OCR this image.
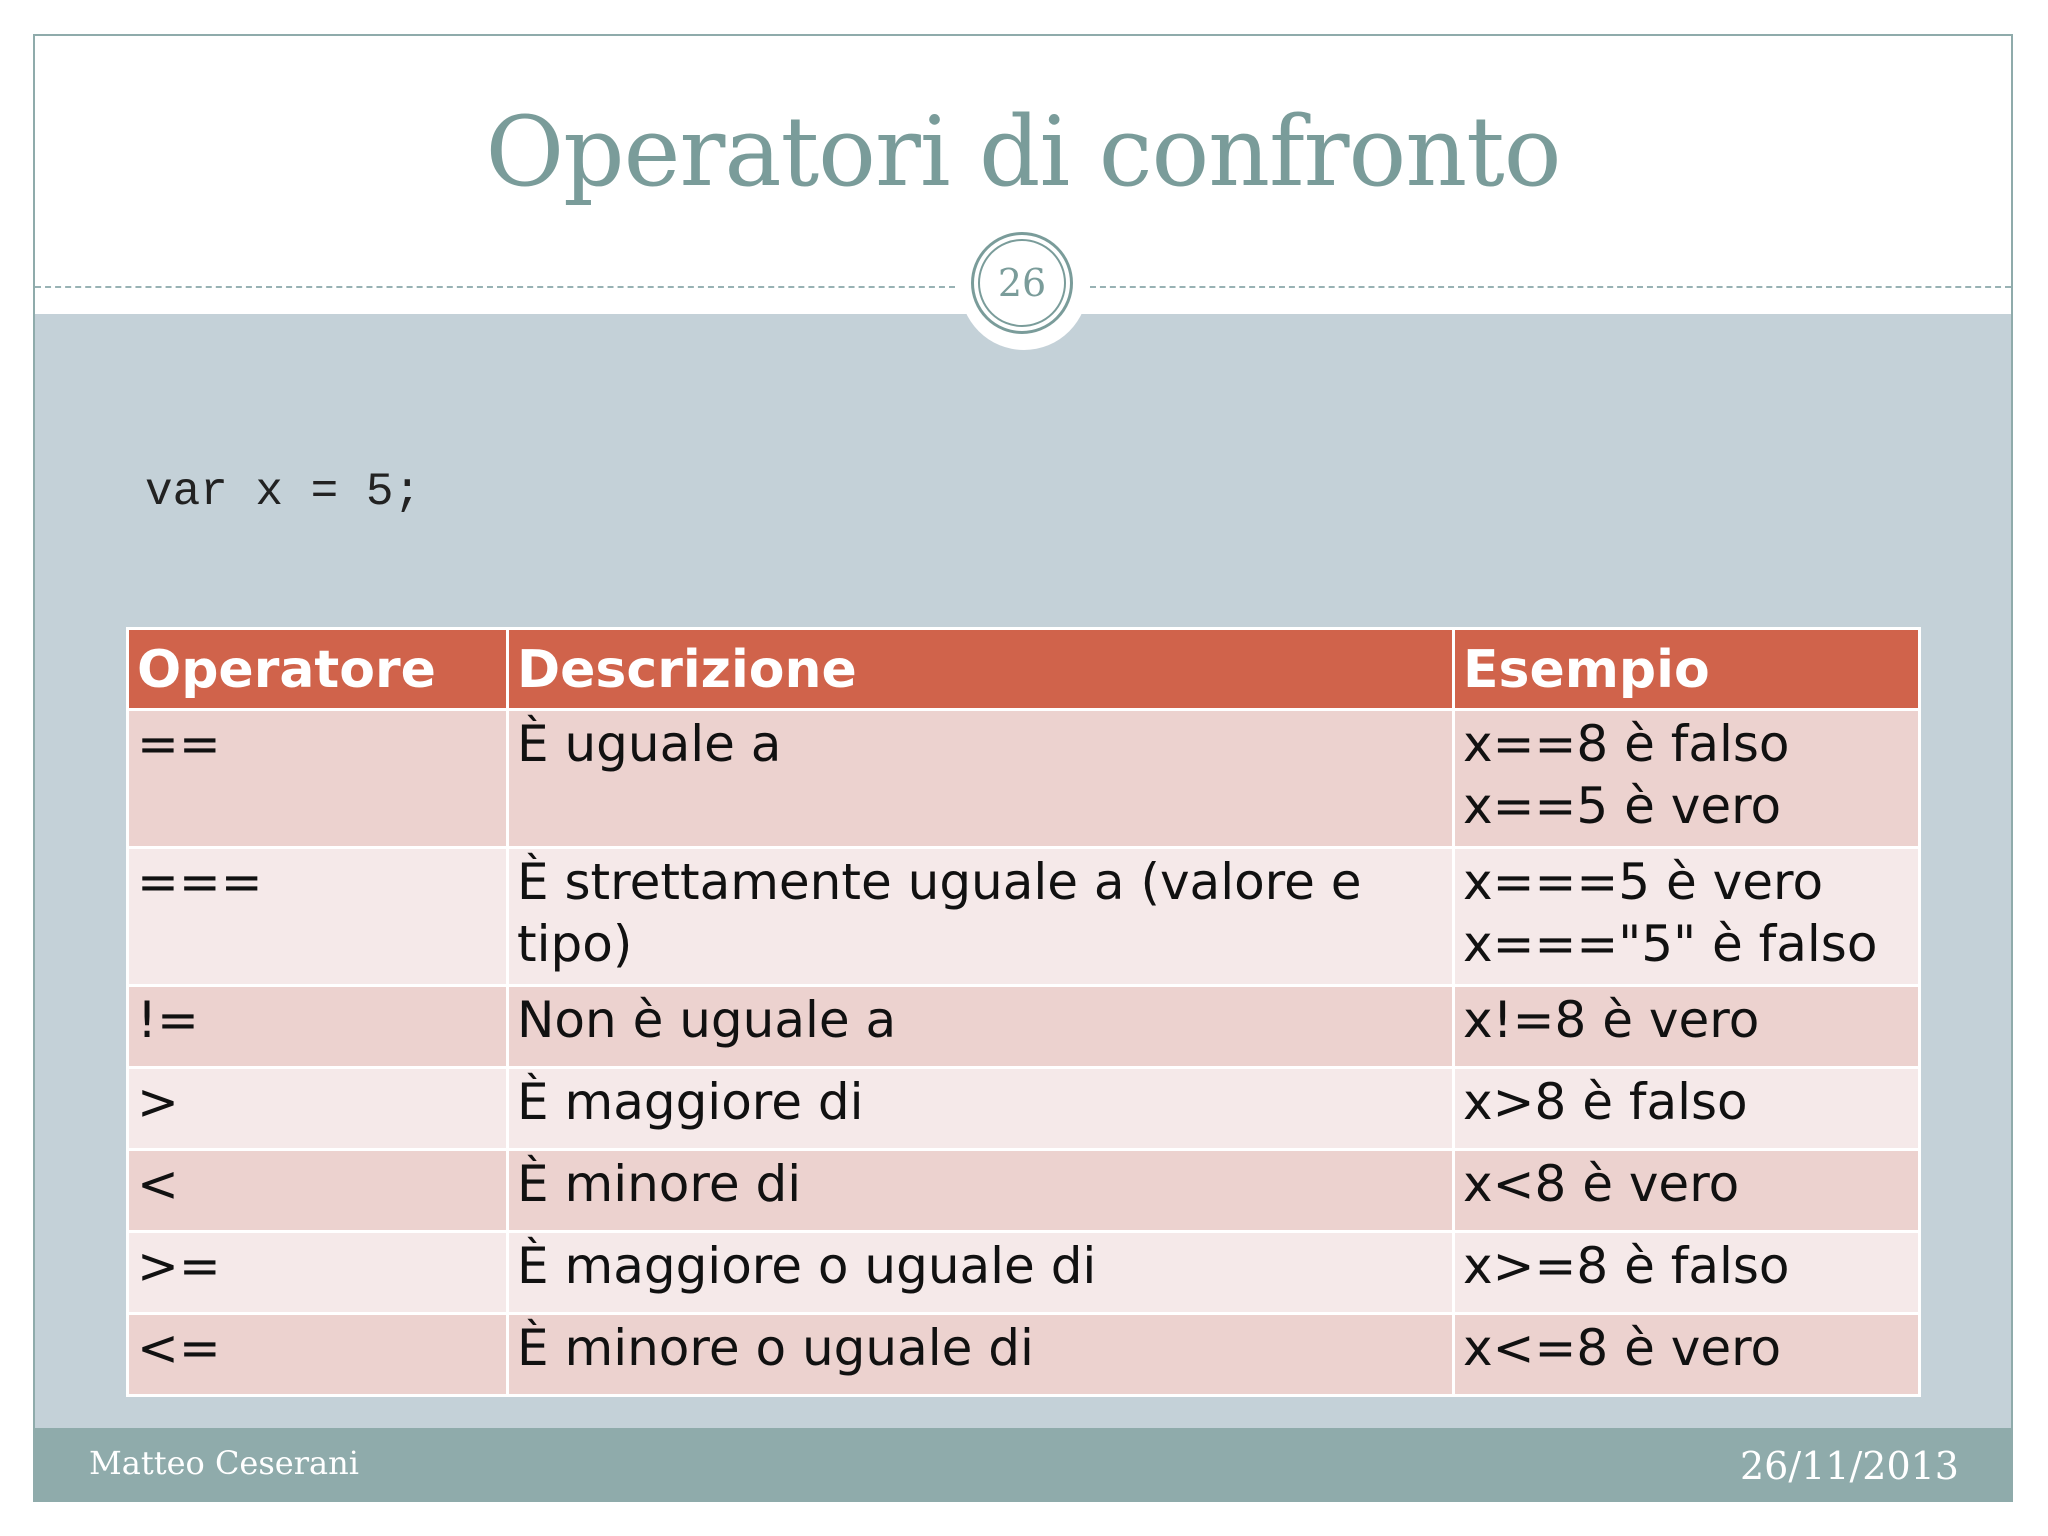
Operatori di confronto
26
var x = 5;
Operatore	Descrizione	Esempio
==	È uguale a	x==8 è falso
x==5 è vero

===	È strettamente uguale a (valore e tipo)	x===5 è vero
x==="5" è falso

!=	Non è uguale a	x!=8 è vero

>	È maggiore di	x>8 è falso

<	È minore di	x<8 è vero

>=	È maggiore o uguale di	x>=8 è falso

<=	È minore o uguale di	x<=8 è vero
Matteo Ceserani	26/11/2013
